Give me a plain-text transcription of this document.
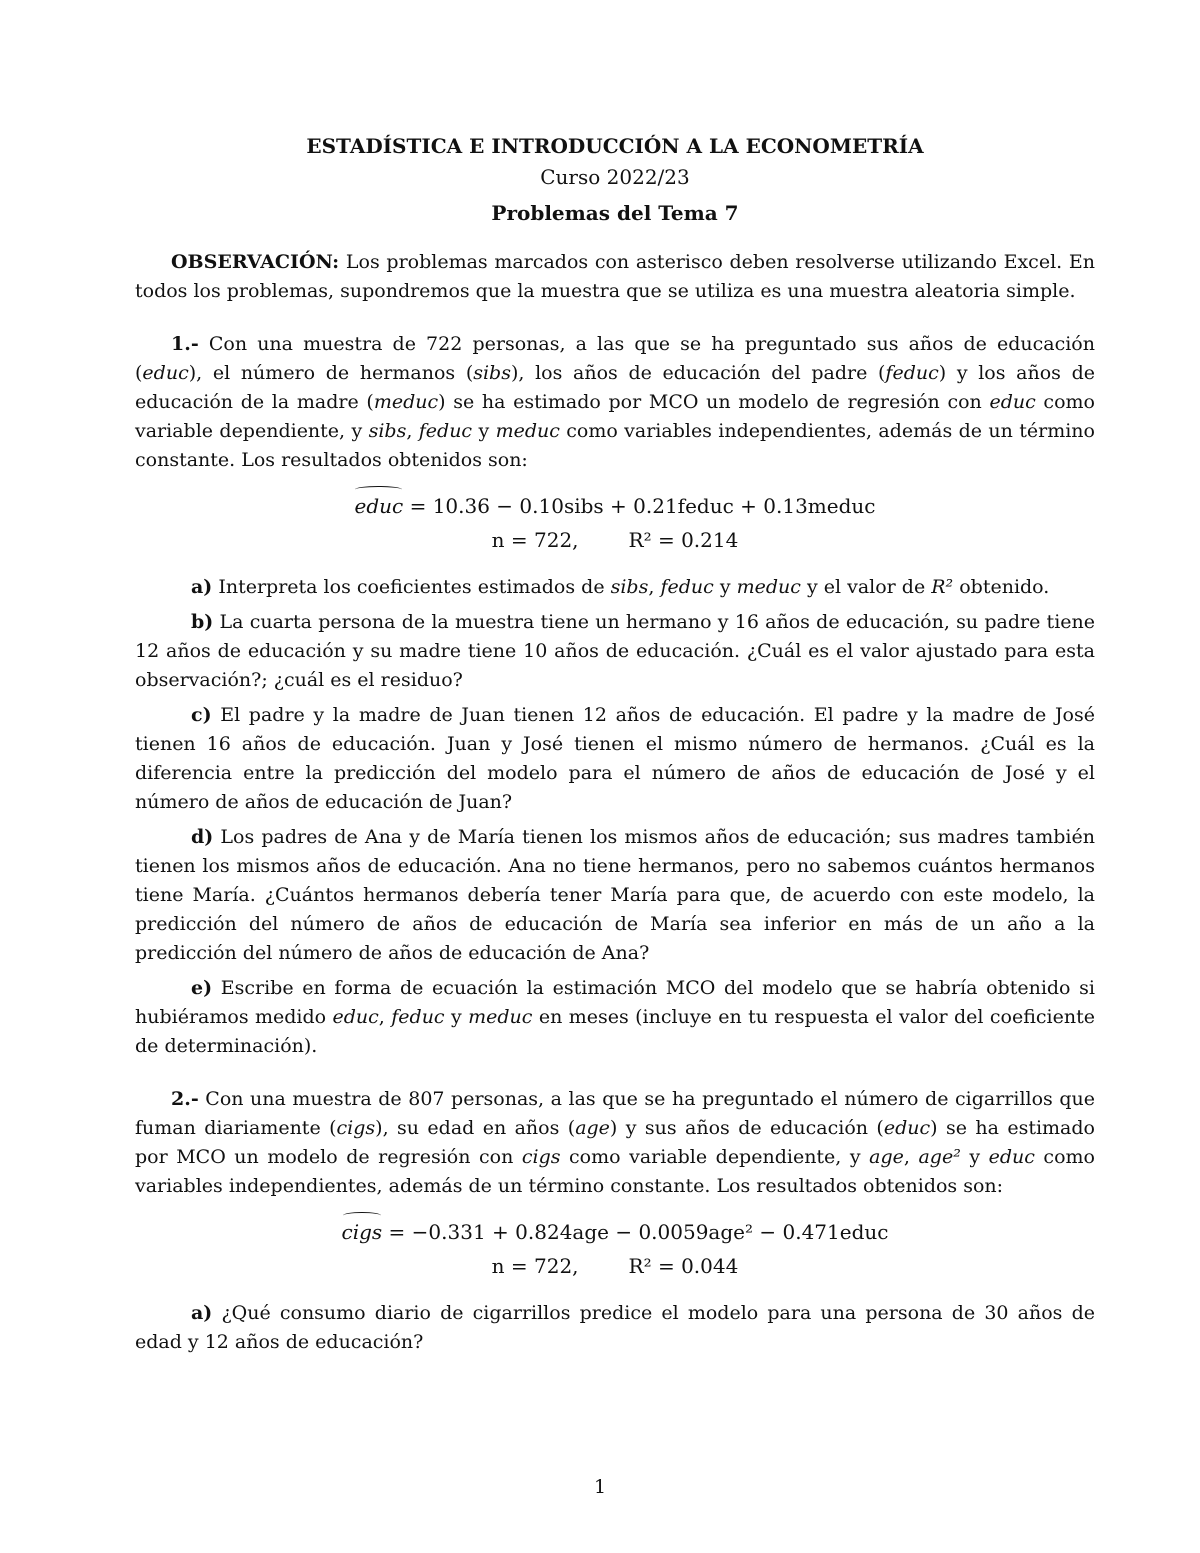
ESTADÍSTICA E INTRODUCCIÓN A LA ECONOMETRÍA
Curso 2022/23
Problemas del Tema 7

OBSERVACIÓN: Los problemas marcados con asterisco deben resolverse utilizando Excel. En todos los problemas, supondremos que la muestra que se utiliza es una muestra aleatoria simple.

1.- Con una muestra de 722 personas, a las que se ha preguntado sus años de educación (educ), el número de hermanos (sibs), los años de educación del padre (feduc) y los años de educación de la madre (meduc) se ha estimado por MCO un modelo de regresión con educ como variable dependiente, y sibs, feduc y meduc como variables independientes, además de un término constante. Los resultados obtenidos son:

educ = 10.36 − 0.10sibs + 0.21feduc + 0.13meduc
n = 722,	R² = 0.214

a) Interpreta los coeficientes estimados de sibs, feduc y meduc y el valor de R² obtenido.

b) La cuarta persona de la muestra tiene un hermano y 16 años de educación, su padre tiene 12 años de educación y su madre tiene 10 años de educación. ¿Cuál es el valor ajustado para esta observación?; ¿cuál es el residuo?

c) El padre y la madre de Juan tienen 12 años de educación. El padre y la madre de José tienen 16 años de educación. Juan y José tienen el mismo número de hermanos. ¿Cuál es la diferencia entre la predicción del modelo para el número de años de educación de José y el número de años de educación de Juan?

d) Los padres de Ana y de María tienen los mismos años de educación; sus madres también tienen los mismos años de educación. Ana no tiene hermanos, pero no sabemos cuántos hermanos tiene María. ¿Cuántos hermanos debería tener María para que, de acuerdo con este modelo, la predicción del número de años de educación de María sea inferior en más de un año a la predicción del número de años de educación de Ana?

e) Escribe en forma de ecuación la estimación MCO del modelo que se habría obtenido si hubiéramos medido educ, feduc y meduc en meses (incluye en tu respuesta el valor del coeficiente de determinación).

2.- Con una muestra de 807 personas, a las que se ha preguntado el número de cigarrillos que fuman diariamente (cigs), su edad en años (age) y sus años de educación (educ) se ha estimado por MCO un modelo de regresión con cigs como variable dependiente, y age, age² y educ como variables independientes, además de un término constante. Los resultados obtenidos son:

cigs = −0.331 + 0.824age − 0.0059age² − 0.471educ
n = 722,	R² = 0.044

a) ¿Qué consumo diario de cigarrillos predice el modelo para una persona de 30 años de edad y 12 años de educación?

1
